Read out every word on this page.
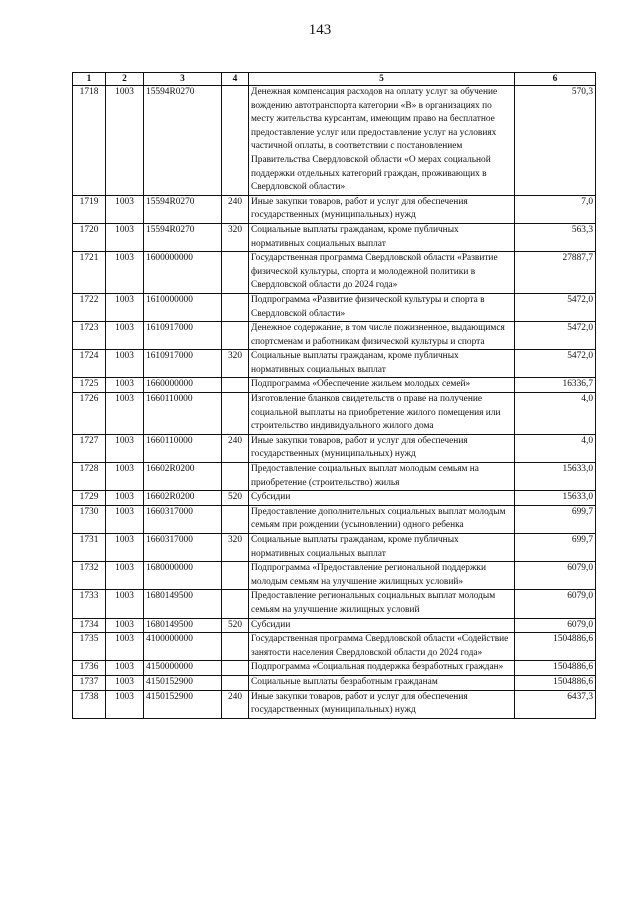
143
1	2	3	4	5	6
1718	1003	15594R0270		Денежная компенсация расходов на оплату услуг за обучение вождению автотранспорта категории «В» в организациях по месту жительства курсантам, имеющим право на бесплатное предоставление услуг или предоставление услуг на условиях частичной оплаты, в соответствии с постановлением Правительства Свердловской области «О мерах социальной поддержки отдельных категорий граждан, проживающих в Свердловской области»	570,3
1719	1003	15594R0270	240	Иные закупки товаров, работ и услуг для обеспечения государственных (муниципальных) нужд	7,0
1720	1003	15594R0270	320	Социальные выплаты гражданам, кроме публичных нормативных социальных выплат	563,3
1721	1003	1600000000		Государственная программа Свердловской области «Развитие физической культуры, спорта и молодежной политики в Свердловской области до 2024 года»	27887,7
1722	1003	1610000000		Подпрограмма «Развитие физической культуры и спорта в Свердловской области»	5472,0
1723	1003	1610917000		Денежное содержание, в том числе пожизненное, выдающимся спортсменам и работникам физической культуры и спорта	5472,0
1724	1003	1610917000	320	Социальные выплаты гражданам, кроме публичных нормативных социальных выплат	5472,0
1725	1003	1660000000		Подпрограмма «Обеспечение жильем молодых семей»	16336,7
1726	1003	1660110000		Изготовление бланков свидетельств о праве на получение социальной выплаты на приобретение жилого помещения или строительство индивидуального жилого дома	4,0
1727	1003	1660110000	240	Иные закупки товаров, работ и услуг для обеспечения государственных (муниципальных) нужд	4,0
1728	1003	16602R0200		Предоставление социальных выплат молодым семьям на приобретение (строительство) жилья	15633,0
1729	1003	16602R0200	520	Субсидии	15633,0
1730	1003	1660317000		Предоставление дополнительных социальных выплат молодым семьям при рождении (усыновлении) одного ребенка	699,7
1731	1003	1660317000	320	Социальные выплаты гражданам, кроме публичных нормативных социальных выплат	699,7
1732	1003	1680000000		Подпрограмма «Предоставление региональной поддержки молодым семьям на улучшение жилищных условий»	6079,0
1733	1003	1680149500		Предоставление региональных социальных выплат молодым семьям на улучшение жилищных условий	6079,0
1734	1003	1680149500	520	Субсидии	6079,0
1735	1003	4100000000		Государственная программа Свердловской области «Содействие занятости населения Свердловской области до 2024 года»	1504886,6
1736	1003	4150000000		Подпрограмма «Социальная поддержка безработных граждан»	1504886,6
1737	1003	4150152900		Социальные выплаты безработным гражданам	1504886,6
1738	1003	4150152900	240	Иные закупки товаров, работ и услуг для обеспечения государственных (муниципальных) нужд	6437,3
